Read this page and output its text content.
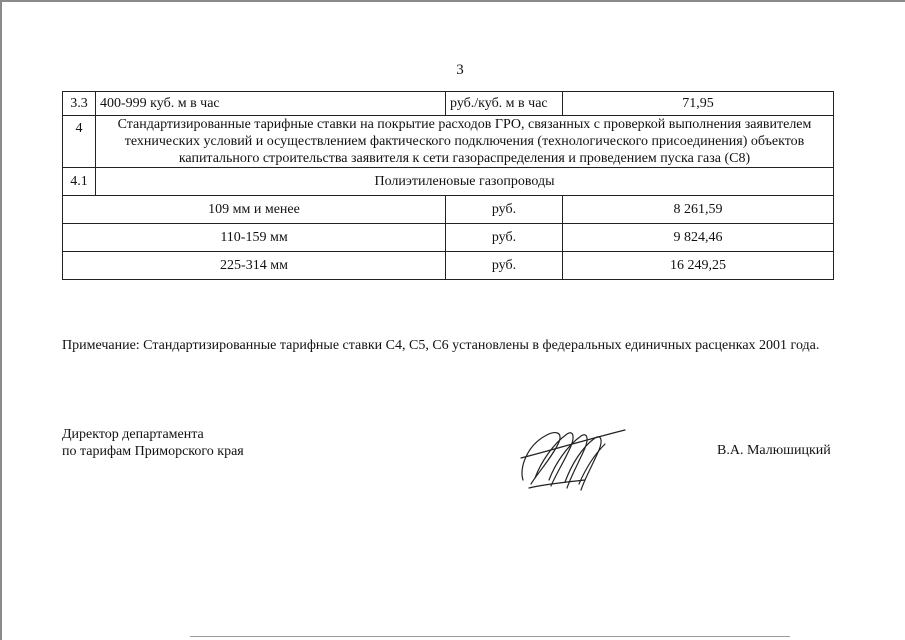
3
3.3	400-999 куб. м в час	руб./куб. м в час	71,95
4	Стандартизированные тарифные ставки на покрытие расходов ГРО, связанных с проверкой выполнения заявителем технических условий и осуществлением фактического подключения (технологического присоединения) объектов капитального строительства заявителя к сети газораспределения и проведением пуска газа (С8)		
4.1	Полиэтиленовые газопроводы		
109 мм и менее		руб.	8 261,59
110-159 мм		руб.	9 824,46
225-314 мм		руб.	16 249,25
Примечание: Стандартизированные тарифные ставки С4, С5, С6 установлены в федеральных единичных расценках 2001 года.
Директор департамента
по тарифам Приморского края	В.А. Малюшицкий
